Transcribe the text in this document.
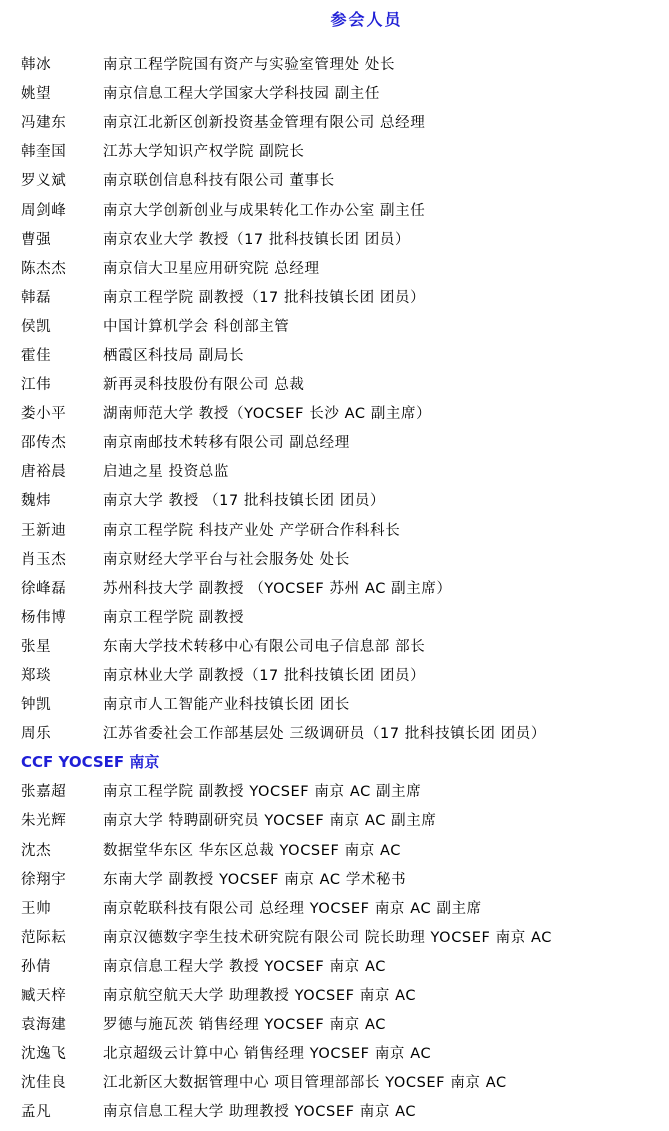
参会人员
韩冰	南京工程学院国有资产与实验室管理处 处长
姚望	南京信息工程大学国家大学科技园 副主任
冯建东	南京江北新区创新投资基金管理有限公司 总经理
韩奎国	江苏大学知识产权学院 副院长
罗义斌	南京联创信息科技有限公司 董事长
周剑峰	南京大学创新创业与成果转化工作办公室 副主任
曹强	南京农业大学 教授（17 批科技镇长团 团员）
陈杰杰	南京信大卫星应用研究院 总经理
韩磊	南京工程学院 副教授（17 批科技镇长团 团员）
侯凯	中国计算机学会 科创部主管
霍佳	栖霞区科技局 副局长
江伟	新再灵科技股份有限公司 总裁
娄小平	湖南师范大学 教授（YOCSEF 长沙 AC 副主席）
邵传杰	南京南邮技术转移有限公司 副总经理
唐裕晨	启迪之星 投资总监
魏炜	南京大学 教授 （17 批科技镇长团 团员）
王新迪	南京工程学院 科技产业处 产学研合作科科长
肖玉杰	南京财经大学平台与社会服务处 处长
徐峰磊	苏州科技大学 副教授 （YOCSEF 苏州 AC 副主席）
杨伟博	南京工程学院 副教授
张星	东南大学技术转移中心有限公司电子信息部 部长
郑琰	南京林业大学 副教授（17 批科技镇长团 团员）
钟凯	南京市人工智能产业科技镇长团 团长
周乐	江苏省委社会工作部基层处 三级调研员（17 批科技镇长团 团员）
CCF YOCSEF 南京
张嘉超	南京工程学院 副教授 YOCSEF 南京 AC 副主席
朱光辉	南京大学 特聘副研究员 YOCSEF 南京 AC 副主席
沈杰	数据堂华东区 华东区总裁 YOCSEF 南京 AC
徐翔宇	东南大学 副教授 YOCSEF 南京 AC 学术秘书
王帅	南京乾联科技有限公司 总经理 YOCSEF 南京 AC 副主席
范际耘	南京汉德数字孪生技术研究院有限公司 院长助理 YOCSEF 南京 AC
孙倩	南京信息工程大学 教授 YOCSEF 南京 AC
臧天梓	南京航空航天大学 助理教授 YOCSEF 南京 AC
袁海建	罗德与施瓦茨 销售经理 YOCSEF 南京 AC
沈逸飞	北京超级云计算中心 销售经理 YOCSEF 南京 AC
沈佳良	江北新区大数据管理中心 项目管理部部长 YOCSEF 南京 AC
孟凡	南京信息工程大学 助理教授 YOCSEF 南京 AC
